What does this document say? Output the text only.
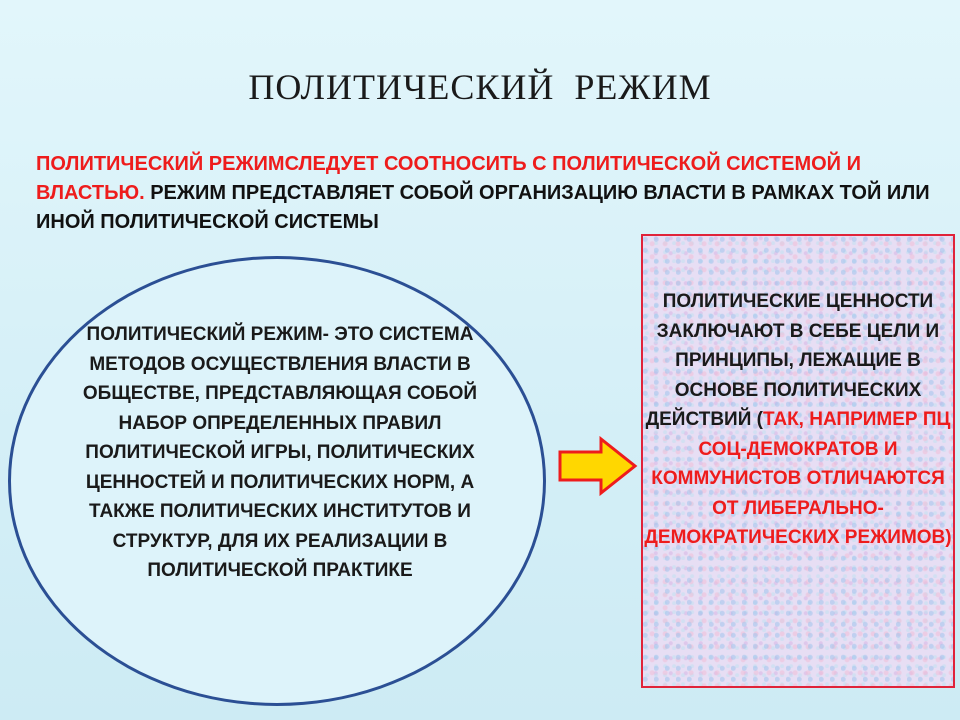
ПОЛИТИЧЕСКИЙ РЕЖИМ
ПОЛИТИЧЕСКИЙ РЕЖИМСЛЕДУЕТ СООТНОСИТЬ С ПОЛИТИЧЕСКОЙ СИСТЕМОЙ И ВЛАСТЬЮ. РЕЖИМ ПРЕДСТАВЛЯЕТ СОБОЙ ОРГАНИЗАЦИЮ ВЛАСТИ В РАМКАХ ТОЙ ИЛИ ИНОЙ ПОЛИТИЧЕСКОЙ СИСТЕМЫ
ПОЛИТИЧЕСКИЙ РЕЖИМ- ЭТО СИСТЕМА МЕТОДОВ ОСУЩЕСТВЛЕНИЯ ВЛАСТИ В ОБЩЕСТВЕ, ПРЕДСТАВЛЯЮЩАЯ СОБОЙ НАБОР ОПРЕДЕЛЕННЫХ ПРАВИЛ ПОЛИТИЧЕСКОЙ ИГРЫ, ПОЛИТИЧЕСКИХ ЦЕННОСТЕЙ И ПОЛИТИЧЕСКИХ НОРМ, А ТАКЖЕ ПОЛИТИЧЕСКИХ ИНСТИТУТОВ И СТРУКТУР, ДЛЯ ИХ РЕАЛИЗАЦИИ В ПОЛИТИЧЕСКОЙ ПРАКТИКЕ
ПОЛИТИЧЕСКИЕ ЦЕННОСТИ ЗАКЛЮЧАЮТ В СЕБЕ ЦЕЛИ И ПРИНЦИПЫ, ЛЕЖАЩИЕ В ОСНОВЕ ПОЛИТИЧЕСКИХ ДЕЙСТВИЙ (ТАК, НАПРИМЕР ПЦ СОЦ-ДЕМОКРАТОВ И КОММУНИСТОВ ОТЛИЧАЮТСЯ ОТ ЛИБЕРАЛЬНО-ДЕМОКРАТИЧЕСКИХ РЕЖИМОВ)
